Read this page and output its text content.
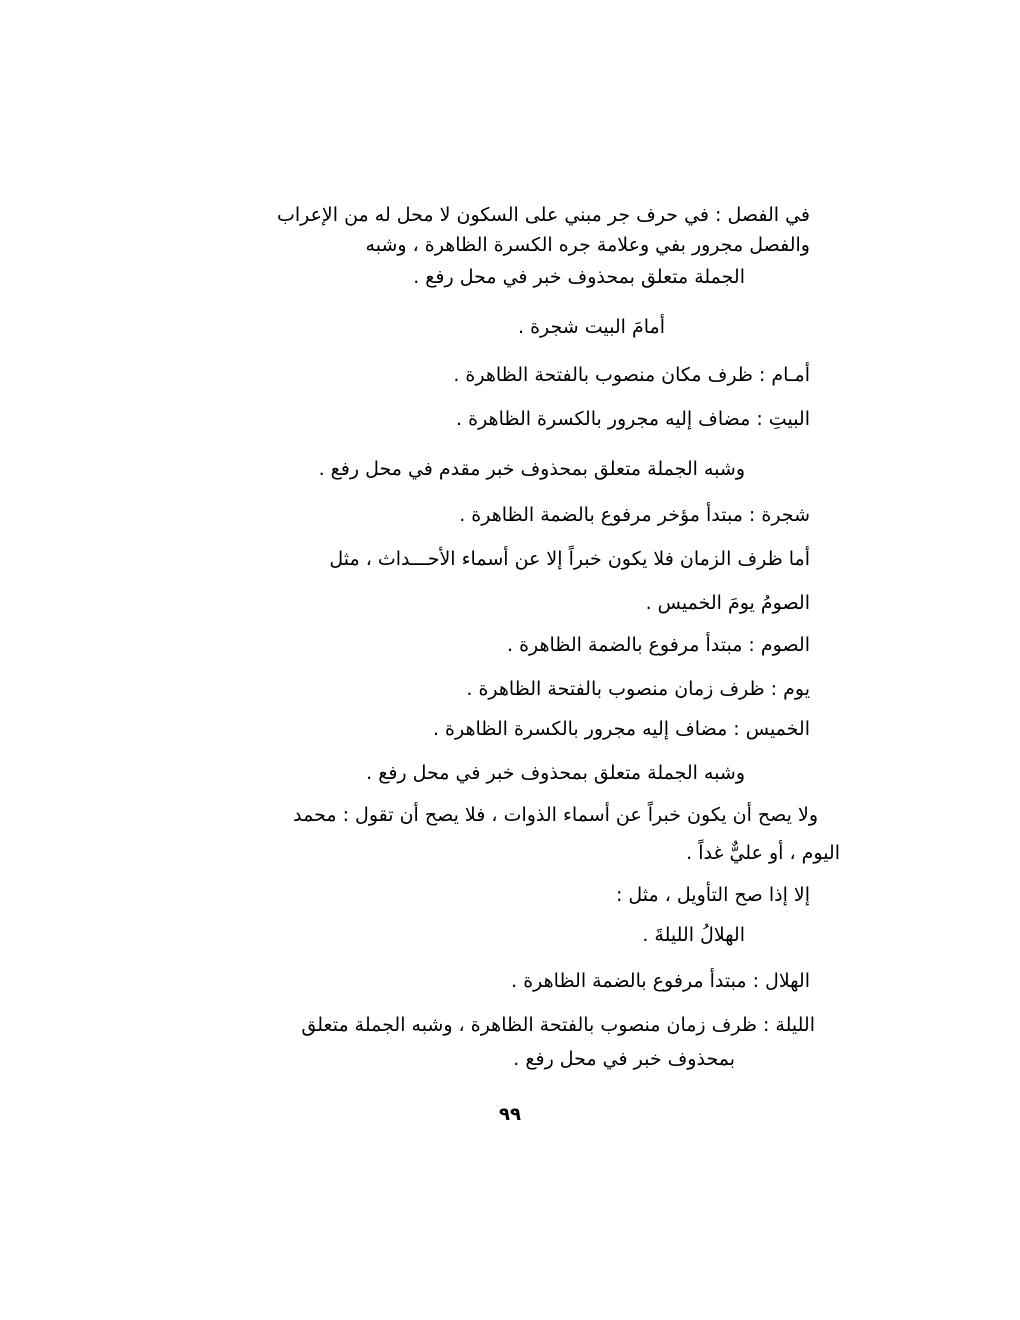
في الفصل : في حرف جر مبني على السكون لا محل له من الإعراب
والفصل مجرور بفي وعلامة جره الكسرة الظاهرة ، وشبه
الجملة متعلق بمحذوف خبر في محل رفع .
أمامَ البيت شجرة .
أمـام : ظرف مكان منصوب بالفتحة الظاهرة .
البيتِ : مضاف إليه مجرور بالكسرة الظاهرة .
وشبه الجملة متعلق بمحذوف خبر مقدم في محل رفع .
شجرة : مبتدأ مؤخر مرفوع بالضمة الظاهرة .
أما ظرف الزمان فلا يكون خبراً إلا عن أسماء الأحـــداث ، مثل
الصومُ يومَ الخميس .
الصوم : مبتدأ مرفوع بالضمة الظاهرة .
يوم : ظرف زمان منصوب بالفتحة الظاهرة .
الخميس : مضاف إليه مجرور بالكسرة الظاهرة .
وشبه الجملة متعلق بمحذوف خبر في محل رفع .
ولا يصح أن يكون خبراً عن أسماء الذوات ، فلا يصح أن تقول : محمد
اليوم ، أو عليٌّ غداً .
إلا إذا صح التأويل ، مثل :
الهلالُ الليلةَ .
الهلال : مبتدأ مرفوع بالضمة الظاهرة .
الليلة : ظرف زمان منصوب بالفتحة الظاهرة ، وشبه الجملة متعلق
بمحذوف خبر في محل رفع .
٩٩
